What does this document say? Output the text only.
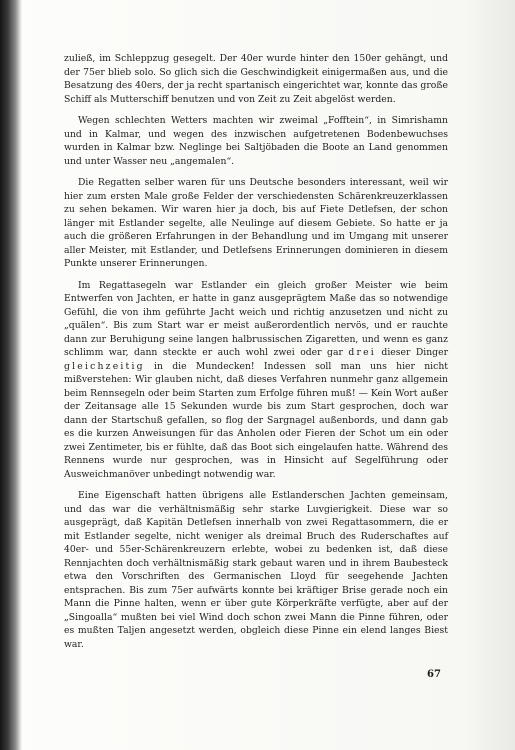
zuließ, im Schleppzug gesegelt. Der 40er wurde hinter den 150er gehängt, und der 75er blieb solo. So glich sich die Geschwindigkeit einigermaßen aus, und die Besatzung des 40ers, der ja recht spartanisch eingerichtet war, konnte das große Schiff als Mutterschiff benutzen und von Zeit zu Zeit abgelöst werden.

Wegen schlechten Wetters machten wir zweimal „Fofftein“, in Simrishamn und in Kalmar, und wegen des inzwischen aufgetretenen Bodenbewuchses wurden in Kalmar bzw. Neglinge bei Saltjöbaden die Boote an Land genommen und unter Wasser neu „angemalen“.

Die Regatten selber waren für uns Deutsche besonders interessant, weil wir hier zum ersten Male große Felder der verschiedensten Schärenkreuzerklassen zu sehen bekamen. Wir waren hier ja doch, bis auf Fiete Detlefsen, der schon länger mit Estlander segelte, alle Neulinge auf diesem Gebiete. So hatte er ja auch die größeren Erfahrungen in der Behandlung und im Umgang mit unserer aller Meister, mit Estlander, und Detlefsens Erinnerungen dominieren in diesem Punkte unserer Erinnerungen.

Im Regattasegeln war Estlander ein gleich großer Meister wie beim Entwerfen von Jachten, er hatte in ganz ausgeprägtem Maße das so notwendige Gefühl, die von ihm geführte Jacht weich und richtig anzusetzen und nicht zu „quälen“. Bis zum Start war er meist außerordentlich nervös, und er rauchte dann zur Beruhigung seine langen halbrussischen Zigaretten, und wenn es ganz schlimm war, dann steckte er auch wohl zwei oder gar drei dieser Dinger gleichzeitig in die Mundecken! Indessen soll man uns hier nicht mißverstehen: Wir glauben nicht, daß dieses Verfahren nunmehr ganz allgemein beim Rennsegeln oder beim Starten zum Erfolge führen muß! — Kein Wort außer der Zeitansage alle 15 Sekunden wurde bis zum Start gesprochen, doch war dann der Startschuß gefallen, so flog der Sargnagel außenbords, und dann gab es die kurzen Anweisungen für das Anholen oder Fieren der Schot um ein oder zwei Zentimeter, bis er fühlte, daß das Boot sich eingelaufen hatte. Während des Rennens wurde nur gesprochen, was in Hinsicht auf Segelführung oder Ausweichmanöver unbedingt notwendig war.

Eine Eigenschaft hatten übrigens alle Estlanderschen Jachten gemeinsam, und das war die verhältnismäßig sehr starke Luvgierigkeit. Diese war so ausgeprägt, daß Kapitän Detlefsen innerhalb von zwei Regattasommern, die er mit Estlander segelte, nicht weniger als dreimal Bruch des Ruderschaftes auf 40er- und 55er-Schärenkreuzern erlebte, wobei zu bedenken ist, daß diese Rennjachten doch verhältnismäßig stark gebaut waren und in ihrem Baubesteck etwa den Vorschriften des Germanischen Lloyd für seegehende Jachten entsprachen. Bis zum 75er aufwärts konnte bei kräftiger Brise gerade noch ein Mann die Pinne halten, wenn er über gute Körperkräfte verfügte, aber auf der „Singoalla“ mußten bei viel Wind doch schon zwei Mann die Pinne führen, oder es mußten Taljen angesetzt werden, obgleich diese Pinne ein elend langes Biest war.

67
